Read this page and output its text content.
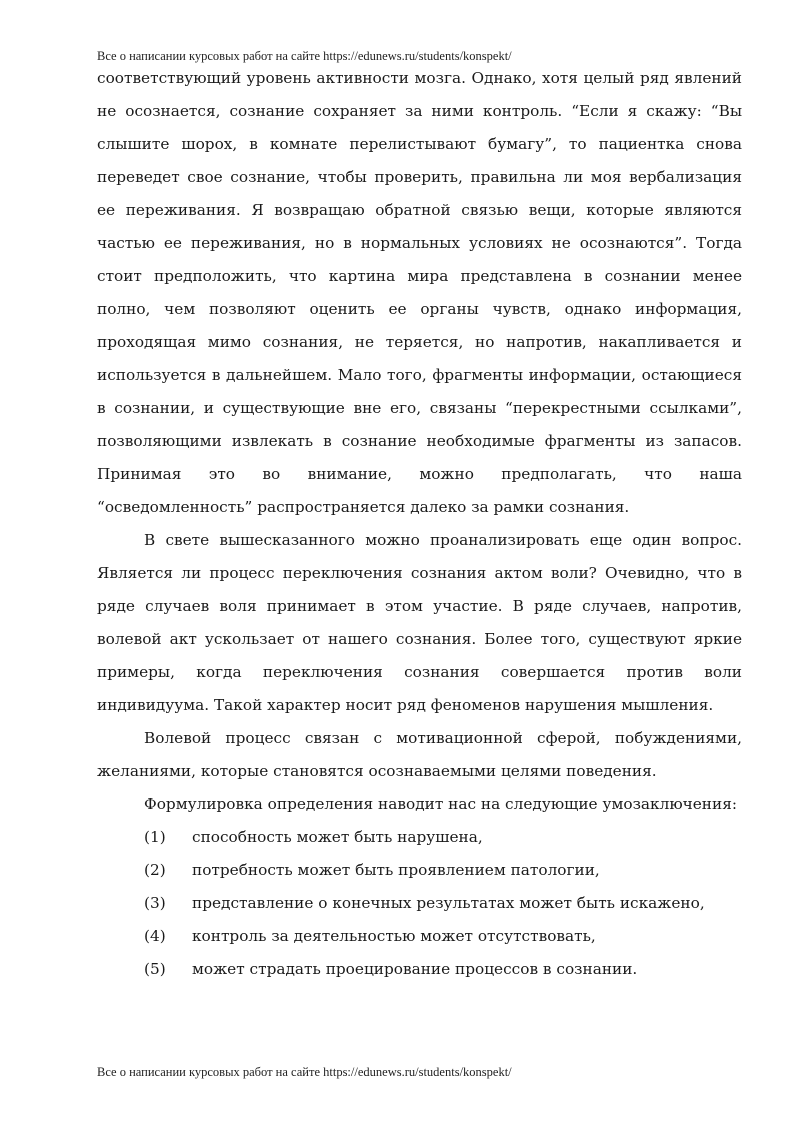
Все о написании курсовых работ на сайте https://edunews.ru/students/konspekt/

соответствующий уровень активности мозга. Однако, хотя целый ряд явлений не осознается, сознание сохраняет за ними контроль. “Если я скажу: “Вы слышите шорох, в комнате перелистывают бумагу”, то пациентка снова переведет свое сознание, чтобы проверить, правильна ли моя вербализация ее переживания. Я возвращаю обратной связью вещи, которые являются частью ее переживания, но в нормальных условиях не осознаются”. Тогда стоит предположить, что картина мира представлена в сознании менее полно, чем позволяют оценить ее органы чувств, однако информация, проходящая мимо сознания, не теряется, но напротив, накапливается и используется в дальнейшем. Мало того, фрагменты информации, остающиеся в сознании, и существующие вне его, связаны “перекрестными ссылками”, позволяющими извлекать в сознание необходимые фрагменты из запасов. Принимая это во внимание, можно предполагать, что наша “осведомленность” распространяется далеко за рамки сознания.

В свете вышесказанного можно проанализировать еще один вопрос. Является ли процесс переключения сознания актом воли? Очевидно, что в ряде случаев воля принимает в этом участие. В ряде случаев, напротив, волевой акт ускользает от нашего сознания. Более того, существуют яркие примеры, когда переключения сознания совершается против воли индивидуума. Такой характер носит ряд феноменов нарушения мышления.

Волевой процесс связан с мотивационной сферой, побуждениями, желаниями, которые становятся осознаваемыми целями поведения.

Формулировка определения наводит нас на следующие умозаключения:

(1) способность может быть нарушена,
(2) потребность может быть проявлением патологии,
(3) представление о конечных результатах может быть искажено,
(4) контроль за деятельностью может отсутствовать,
(5) может страдать проецирование процессов в сознании.
Все о написании курсовых работ на сайте https://edunews.ru/students/konspekt/
